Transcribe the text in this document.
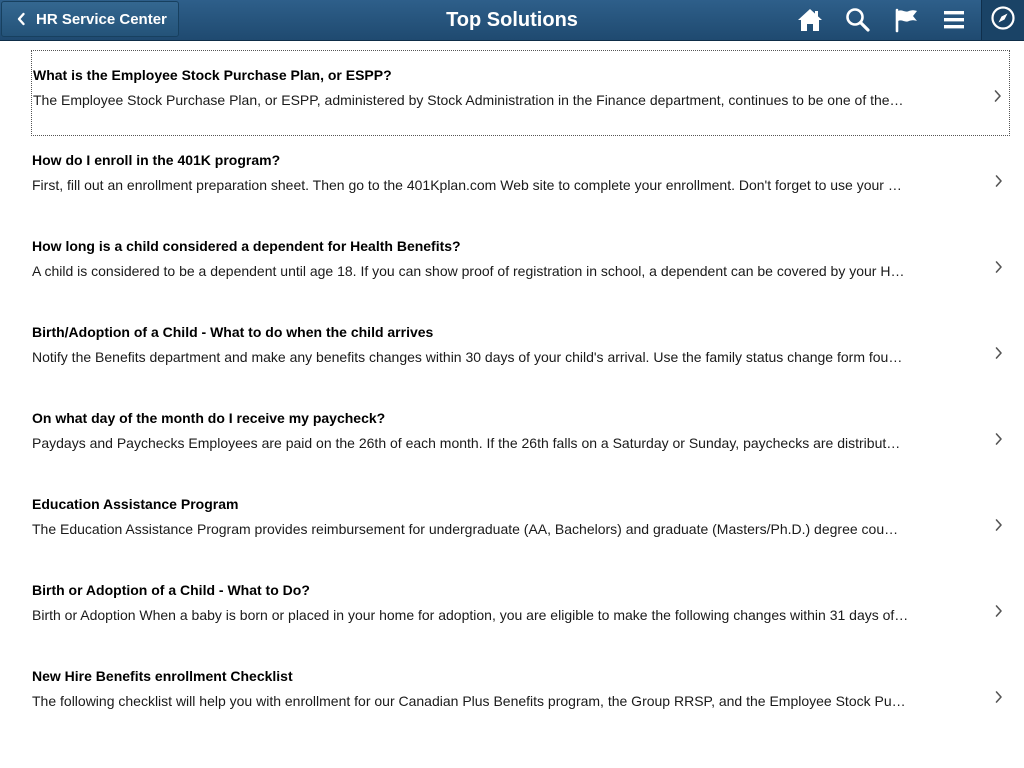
HR Service Center	Top Solutions
What is the Employee Stock Purchase Plan, or ESPP?
The Employee Stock Purchase Plan, or ESPP, administered by Stock Administration in the Finance department, continues to be one of the…
How do I enroll in the 401K program?
First, fill out an enrollment preparation sheet. Then go to the 401Kplan.com Web site to complete your enrollment. Don't forget to use your …
How long is a child considered a dependent for Health Benefits?
A child is considered to be a dependent until age 18. If you can show proof of registration in school, a dependent can be covered by your H…
Birth/Adoption of a Child - What to do when the child arrives
Notify the Benefits department and make any benefits changes within 30 days of your child's arrival. Use the family status change form fou…
On what day of the month do I receive my paycheck?
Paydays and Paychecks Employees are paid on the 26th of each month. If the 26th falls on a Saturday or Sunday, paychecks are distribut…
Education Assistance Program
The Education Assistance Program provides reimbursement for undergraduate (AA, Bachelors) and graduate (Masters/Ph.D.) degree cou…
Birth or Adoption of a Child - What to Do?
Birth or Adoption When a baby is born or placed in your home for adoption, you are eligible to make the following changes within 31 days of…
New Hire Benefits enrollment Checklist
The following checklist will help you with enrollment for our Canadian Plus Benefits program, the Group RRSP, and the Employee Stock Pu…
